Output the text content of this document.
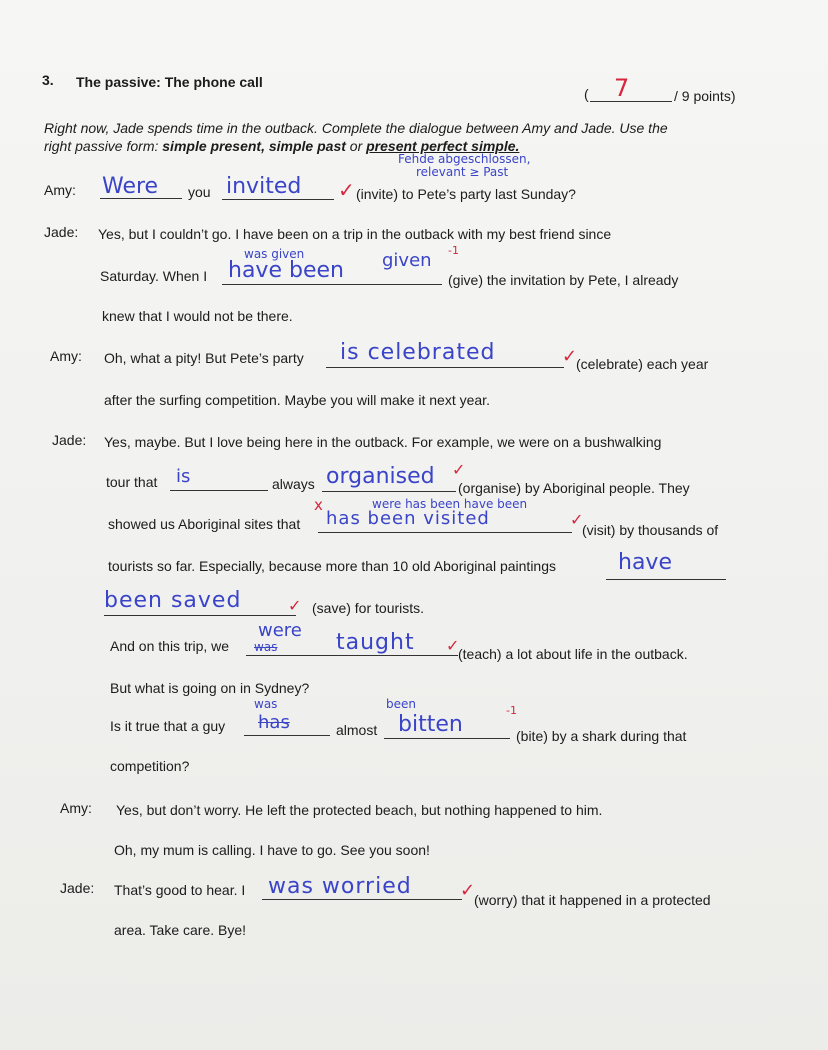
3. The passive: The phone call
( 7	/ 9 points)
Right now, Jade spends time in the outback. Complete the dialogue between Amy and Jade. Use the
right passive form: simple present, simple past or present perfect simple.
Fehde abgeschlossen,
relevant ≥ Past
Amy: Were you invited ✓ (invite) to Pete’s party last Sunday?
Jade: Yes, but I couldn’t go. I have been on a trip in the outback with my best friend since
was given
Saturday. When I have been given -1
(give) the invitation by Pete, I already
knew that I would not be there.
Amy: Oh, what a pity! But Pete’s party is celebrated	✓
(celebrate) each year
after the surfing competition. Maybe you will make it next year.
Jade: Yes, maybe. But I love being here in the outback. For example, we were on a bushwalking
tour that is	always organised ✓
(organise) by Aboriginal people. They
x	were has been have been
showed us Aboriginal sites that has been visited	✓
(visit) by thousands of
tourists so far. Especially, because more than 10 old Aboriginal paintings	have
been saved	✓ (save) for tourists.
were
And on this trip, we was	taught ✓
(teach) a lot about life in the outback.
But what is going on in Sydney?
was	been	-1
Is it true that a guy has	almost bitten	(bite) by a shark during that
competition?
Amy: Yes, but don’t worry. He left the protected beach, but nothing happened to him.
Oh, my mum is calling. I have to go. See you soon!
Jade: That’s good to hear. I was worried	✓
(worry) that it happened in a protected
area. Take care. Bye!
